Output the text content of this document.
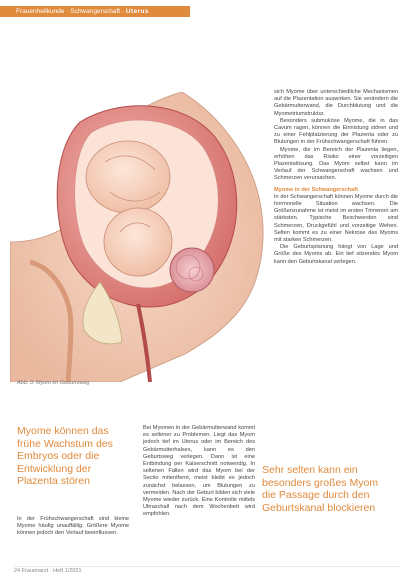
Frauenheilkunde · Schwangerschaft · Uterus
Abb. 3: Myom im Geburtsweg

sich Myome über unterschiedliche Mechanismen auf die Plazentation auswirken. Sie verändern die Gebärmutterwand, die Durchblutung und die Myometriumstruktur.

Besonders submuköse Myome, die in das Cavum ragen, können die Einnistung stören und zu einer Fehlplatzierung der Plazenta oder zu Blutungen in der Frühschwangerschaft führen.

Myome, die im Bereich der Plazenta liegen, erhöhen das Risiko einer vorzeitigen Plazentalösung. Das Myom selbst kann im Verlauf der Schwangerschaft wachsen und Schmerzen verursachen.

Myome in der Schwangerschaft

In der Schwangerschaft können Myome durch die hormonelle Situation wachsen. Die Größenzunahme ist meist im ersten Trimenon am stärksten. Typische Beschwerden sind Schmerzen, Druckgefühl und vorzeitige Wehen. Selten kommt es zu einer Nekrose des Myoms mit starken Schmerzen.

Die Geburtsplanung hängt von Lage und Größe des Myoms ab. Ein tief sitzendes Myom kann den Geburtskanal verlegen.

Myome können das frühe Wachstum des Embryos oder die Entwicklung der Plazenta stören

In der Frühschwangerschaft sind kleine Myome häufig unauffällig. Größere Myome können jedoch den Verlauf beeinflussen.

Bei Myomen in der Gebärmutterwand kommt es seltener zu Problemen. Liegt das Myom jedoch tief im Uterus oder im Bereich des Gebärmutterhalses, kann es den Geburtsweg verlegen. Dann ist eine Entbindung per Kaiserschnitt notwendig. In seltenen Fällen wird das Myom bei der Sectio mitentfernt, meist bleibt es jedoch zunächst belassen, um Blutungen zu vermeiden. Nach der Geburt bilden sich viele Myome wieder zurück. Eine Kontrolle mittels Ultraschall nach dem Wochenbett wird empfohlen.

Sehr selten kann ein besonders großes Myom die Passage durch den Geburtskanal blockieren
24 Frauenarzt · Heft 1/2021
